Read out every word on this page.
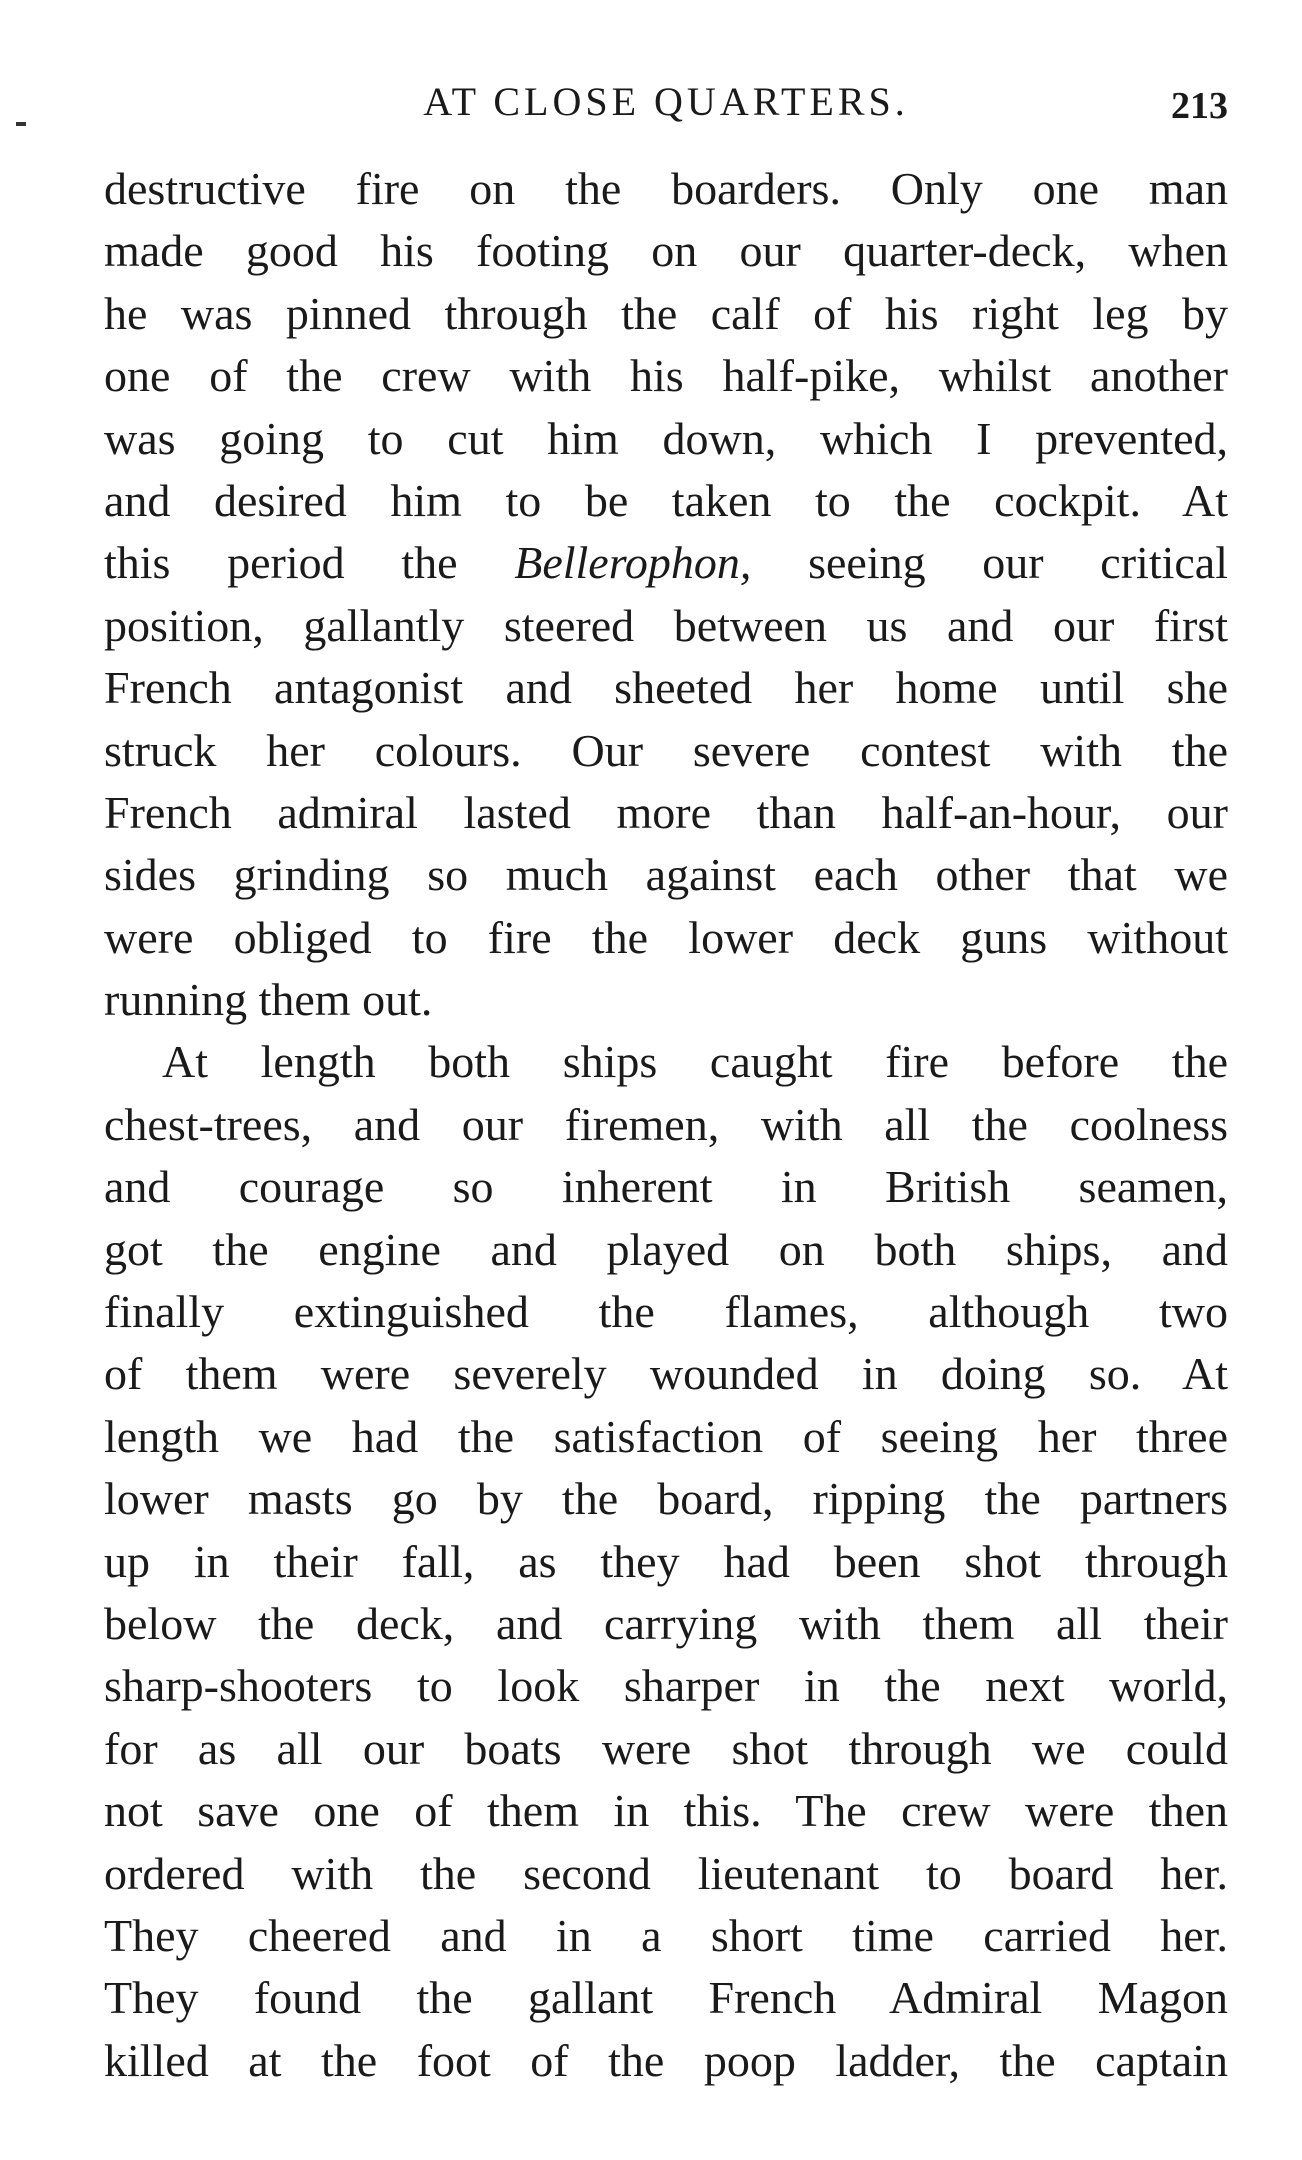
AT CLOSE QUARTERS.	213
destructive fire on the boarders. Only one man
made good his footing on our quarter-deck, when
he was pinned through the calf of his right leg by
one of the crew with his half-pike, whilst another
was going to cut him down, which I prevented,
and desired him to be taken to the cockpit. At
this period the Bellerophon, seeing our critical
position, gallantly steered between us and our first
French antagonist and sheeted her home until she
struck her colours. Our severe contest with the
French admiral lasted more than half-an-hour, our
sides grinding so much against each other that we
were obliged to fire the lower deck guns without
running them out.
At length both ships caught fire before the
chest-trees, and our firemen, with all the coolness
and courage so inherent in British seamen,
got the engine and played on both ships, and
finally extinguished the flames, although two
of them were severely wounded in doing so. At
length we had the satisfaction of seeing her three
lower masts go by the board, ripping the partners
up in their fall, as they had been shot through
below the deck, and carrying with them all their
sharp-shooters to look sharper in the next world,
for as all our boats were shot through we could
not save one of them in this. The crew were then
ordered with the second lieutenant to board her.
They cheered and in a short time carried her.
They found the gallant French Admiral Magon
killed at the foot of the poop ladder, the captain
